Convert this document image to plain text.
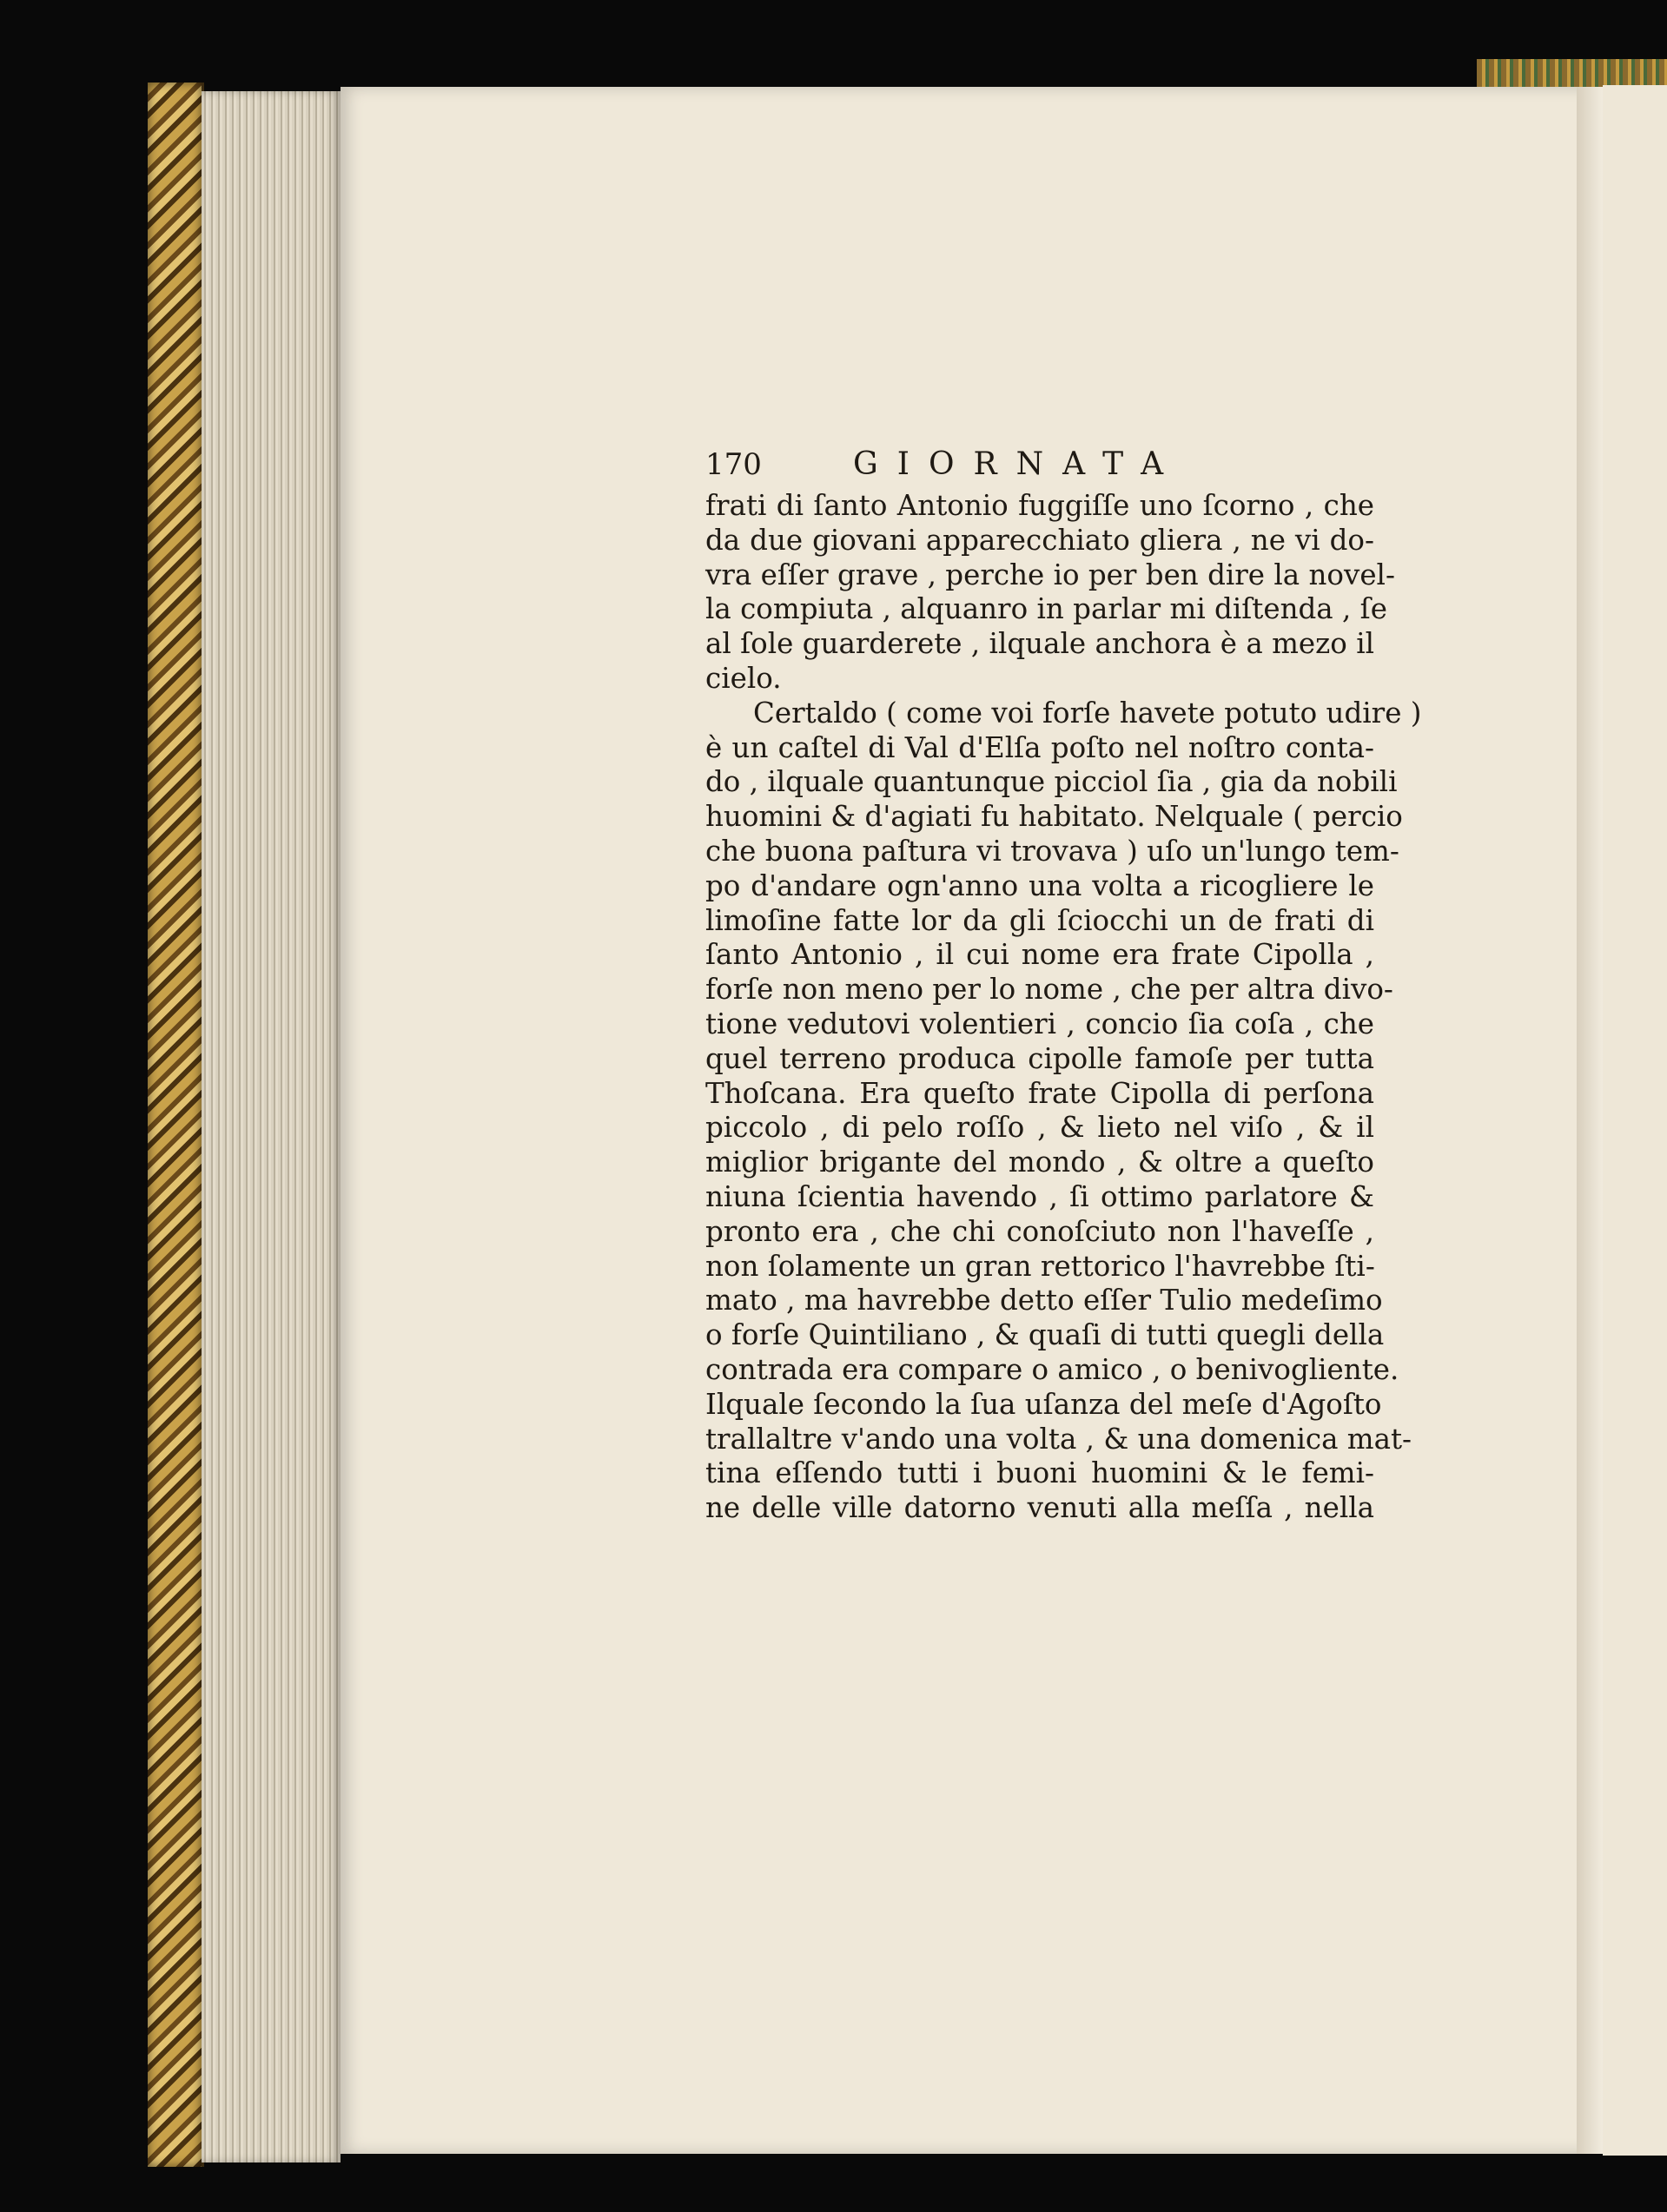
170	GIORNATA
frati di ſanto Antonio fuggiſſe uno ſcorno , che
da due giovani apparecchiato gliera , ne vi do-
vra eſſer grave , perche io per ben dire la novel-
la compiuta , alquanro in parlar mi diſtenda , ſe
al ſole guarderete , ilquale anchora è a mezo il
cielo.
Certaldo ( come voi forſe havete potuto udire )
è un caſtel di Val d'Elſa poſto nel noſtro conta-
do , ilquale quantunque picciol ſia , gia da nobili
huomini & d'agiati fu habitato. Nelquale ( percio
che buona paſtura vi trovava ) uſo un'lungo tem-
po d'andare ogn'anno una volta a ricogliere le
limoſine fatte lor da gli ſciocchi un de frati di
ſanto Antonio , il cui nome era frate Cipolla ,
forſe non meno per lo nome , che per altra divo-
tione vedutovi volentieri , concio ſia coſa , che
quel terreno produca cipolle famoſe per tutta
Thoſcana. Era queſto frate Cipolla di perſona
piccolo , di pelo roſſo , & lieto nel viſo , & il
miglior brigante del mondo , & oltre a queſto
niuna ſcientia havendo , ſi ottimo parlatore &
pronto era , che chi conoſciuto non l'haveſſe ,
non ſolamente un gran rettorico l'havrebbe ſti-
mato , ma havrebbe detto eſſer Tulio medeſimo
o forſe Quintiliano , & quaſi di tutti quegli della
contrada era compare o amico , o benivogliente.
Ilquale ſecondo la ſua uſanza del meſe d'Agoſto
trallaltre v'ando una volta , & una domenica mat-
tina eſſendo tutti i buoni huomini & le femi-
ne delle ville datorno venuti alla meſſa , nella
